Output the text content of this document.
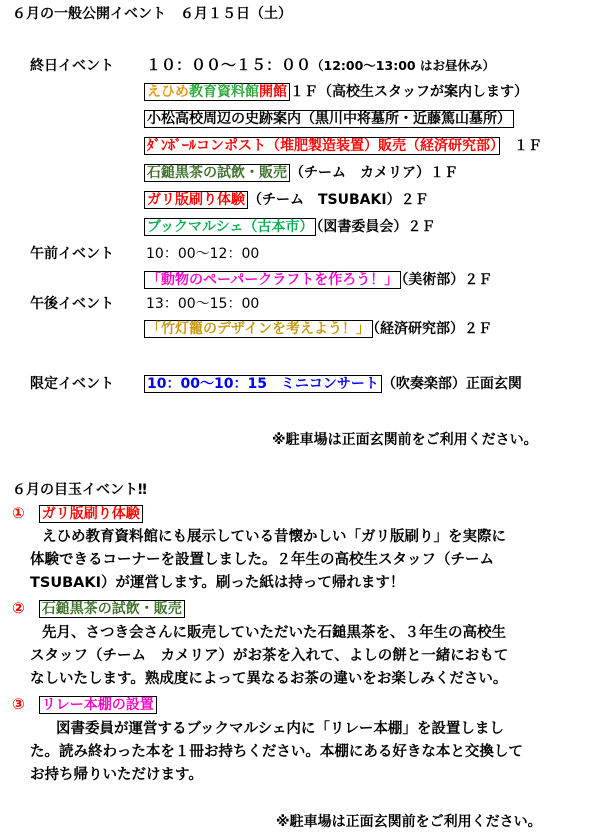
６月の一般公開イベント　６月１５日（土）
終日イベント １０：００～１５：００（12:00～13:00 はお昼休み）
えひめ教育資料館開館 １Ｆ（高校生スタッフが案内します）
小松高校周辺の史跡案内（黒川中将墓所・近藤篤山墓所）
ﾀﾞﾝﾎﾞｰﾙコンポスト（堆肥製造装置）販売（経済研究部）　 １Ｆ
石鎚黒茶の試飲・販売 （チーム　カメリア）１Ｆ
ガリ版刷り体験 （チーム　TSUBAKI）２Ｆ
ブックマルシェ（古本市） （図書委員会）２Ｆ
午前イベント 10：00～12：00
「動物のペーパークラフトを作ろう！」 （美術部）２Ｆ
午後イベント 13：00～15：00
「竹灯籠のデザインを考えよう！」 （経済研究部）２Ｆ
限定イベント 10：00～10：15　ミニコンサート （吹奏楽部）正面玄関
※駐車場は正面玄関前をご利用ください。
６月の目玉イベント‼
①　 ガリ版刷り体験
えひめ教育資料館にも展示している昔懐かしい「ガリ版刷り」を実際に
体験できるコーナーを設置しました。２年生の高校生スタッフ（チーム
TSUBAKI）が運営します。刷った紙は持って帰れます！
②　 石鎚黒茶の試飲・販売
先月、さつき会さんに販売していただいた石鎚黒茶を、３年生の高校生
スタッフ（チーム　カメリア）がお茶を入れて、よしの餅と一緒におもて
なしいたします。熟成度によって異なるお茶の違いをお楽しみください。
③　 リレー本棚の設置
図書委員が運営するブックマルシェ内に「リレー本棚」を設置しまし
た。読み終わった本を１冊お持ちください。本棚にある好きな本と交換して
お持ち帰りいただけます。
※駐車場は正面玄関前をご利用ください。
